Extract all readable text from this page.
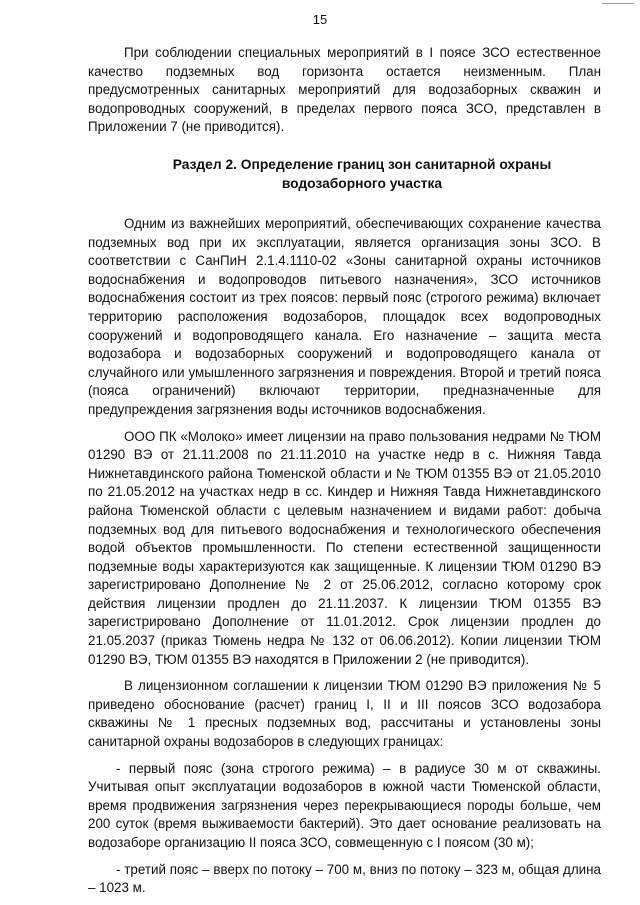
15

При соблюдении специальных мероприятий в I поясе ЗСО естественное качество подземных вод горизонта остается неизменным. План предусмотренных санитарных мероприятий для водозаборных скважин и водопроводных сооружений, в пределах первого пояса ЗСО, представлен в Приложении 7 (не приводится).

Раздел 2. Определение границ зон санитарной охраны
водозаборного участка

Одним из важнейших мероприятий, обеспечивающих сохранение качества подземных вод при их эксплуатации, является организация зоны ЗСО. В соответствии с СанПиН 2.1.4.1110-02 «Зоны санитарной охраны источников водоснабжения и водопроводов питьевого назначения», ЗСО источников водоснабжения состоит из трех поясов: первый пояс (строгого режима) включает территорию расположения водозаборов, площадок всех водопроводных сооружений и водопроводящего канала. Его назначение – защита места водозабора и водозаборных сооружений и водопроводящего канала от случайного или умышленного загрязнения и повреждения. Второй и третий пояса (пояса ограничений) включают территории, предназначенные для предупреждения загрязнения воды источников водоснабжения.

ООО ПК «Молоко» имеет лицензии на право пользования недрами № ТЮМ 01290 ВЭ от 21.11.2008 по 21.11.2010 на участке недр в с. Нижняя Тавда Нижнетавдинского района Тюменской области и № ТЮМ 01355 ВЭ от 21.05.2010 по 21.05.2012 на участках недр в сс. Киндер и Нижняя Тавда Нижнетавдинского района Тюменской области с целевым назначением и видами работ: добыча подземных вод для питьевого водоснабжения и технологического обеспечения водой объектов промышленности. По степени естественной защищенности подземные воды характеризуются как защищенные. К лицензии ТЮМ 01290 ВЭ зарегистрировано Дополнение № 2 от 25.06.2012, согласно которому срок действия лицензии продлен до 21.11.2037. К лицензии ТЮМ 01355 ВЭ зарегистрировано Дополнение от 11.01.2012. Срок лицензии продлен до 21.05.2037 (приказ Тюмень недра № 132 от 06.06.2012). Копии лицензии ТЮМ 01290 ВЭ, ТЮМ 01355 ВЭ находятся в Приложении 2 (не приводится).

В лицензионном соглашении к лицензии ТЮМ 01290 ВЭ приложения № 5 приведено обоснование (расчет) границ I, II и III поясов ЗСО водозабора скважины № 1 пресных подземных вод, рассчитаны и установлены зоны санитарной охраны водозаборов в следующих границах:

- первый пояс (зона строгого режима) – в радиусе 30 м от скважины. Учитывая опыт эксплуатации водозаборов в южной части Тюменской области, время продвижения загрязнения через перекрывающиеся породы больше, чем 200 суток (время выживаемости бактерий). Это дает основание реализовать на водозаборе организацию II пояса ЗСО, совмещенную с I поясом (30 м);

- третий пояс – вверх по потоку – 700 м, вниз по потоку – 323 м, общая длина – 1023 м.
